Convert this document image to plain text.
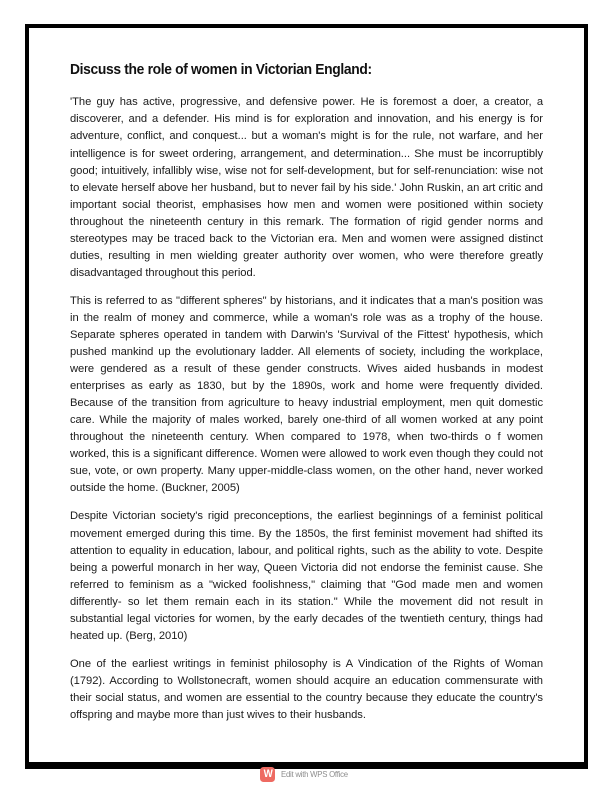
Discuss the role of women in Victorian England:

'The guy has active, progressive, and defensive power. He is foremost a doer, a creator, a discoverer, and a defender. His mind is for exploration and innovation, and his energy is for adventure, conflict, and conquest... but a woman's might is for the rule, not warfare, and her intelligence is for sweet ordering, arrangement, and determination... She must be incorruptibly good; intuitively, infallibly wise, wise not for self-development, but for self-renunciation: wise not to elevate herself above her husband, but to never fail by his side.' John Ruskin, an art critic and important social theorist, emphasises how men and women were positioned within society throughout the nineteenth century in this remark. The formation of rigid gender norms and stereotypes may be traced back to the Victorian era. Men and women were assigned distinct duties, resulting in men wielding greater authority over women, who were therefore greatly disadvantaged throughout this period.

This is referred to as "different spheres" by historians, and it indicates that a man's position was in the realm of money and commerce, while a woman's role was as a trophy of the house. Separate spheres operated in tandem with Darwin's 'Survival of the Fittest' hypothesis, which pushed mankind up the evolutionary ladder. All elements of society, including the workplace, were gendered as a result of these gender constructs. Wives aided husbands in modest enterprises as early as 1830, but by the 1890s, work and home were frequently divided. Because of the transition from agriculture to heavy industrial employment, men quit domestic care. While the majority of males worked, barely one-third of all women worked at any point throughout the nineteenth century. When compared to 1978, when two-thirds o f women worked, this is a significant difference. Women were allowed to work even though they could not sue, vote, or own property. Many upper-middle-class women, on the other hand, never worked outside the home. (Buckner, 2005)

Despite Victorian society's rigid preconceptions, the earliest beginnings of a feminist political movement emerged during this time. By the 1850s, the first feminist movement had shifted its attention to equality in education, labour, and political rights, such as the ability to vote. Despite being a powerful monarch in her way, Queen Victoria did not endorse the feminist cause. She referred to feminism as a "wicked foolishness," claiming that "God made men and women differently- so let them remain each in its station." While the movement did not result in substantial legal victories for women, by the early decades of the twentieth century, things had heated up. (Berg, 2010)

One of the earliest writings in feminist philosophy is A Vindication of the Rights of Woman (1792). According to Wollstonecraft, women should acquire an education commensurate with their social status, and women are essential to the country because they educate the country's offspring and maybe more than just wives to their husbands.

W Edit with WPS Office
